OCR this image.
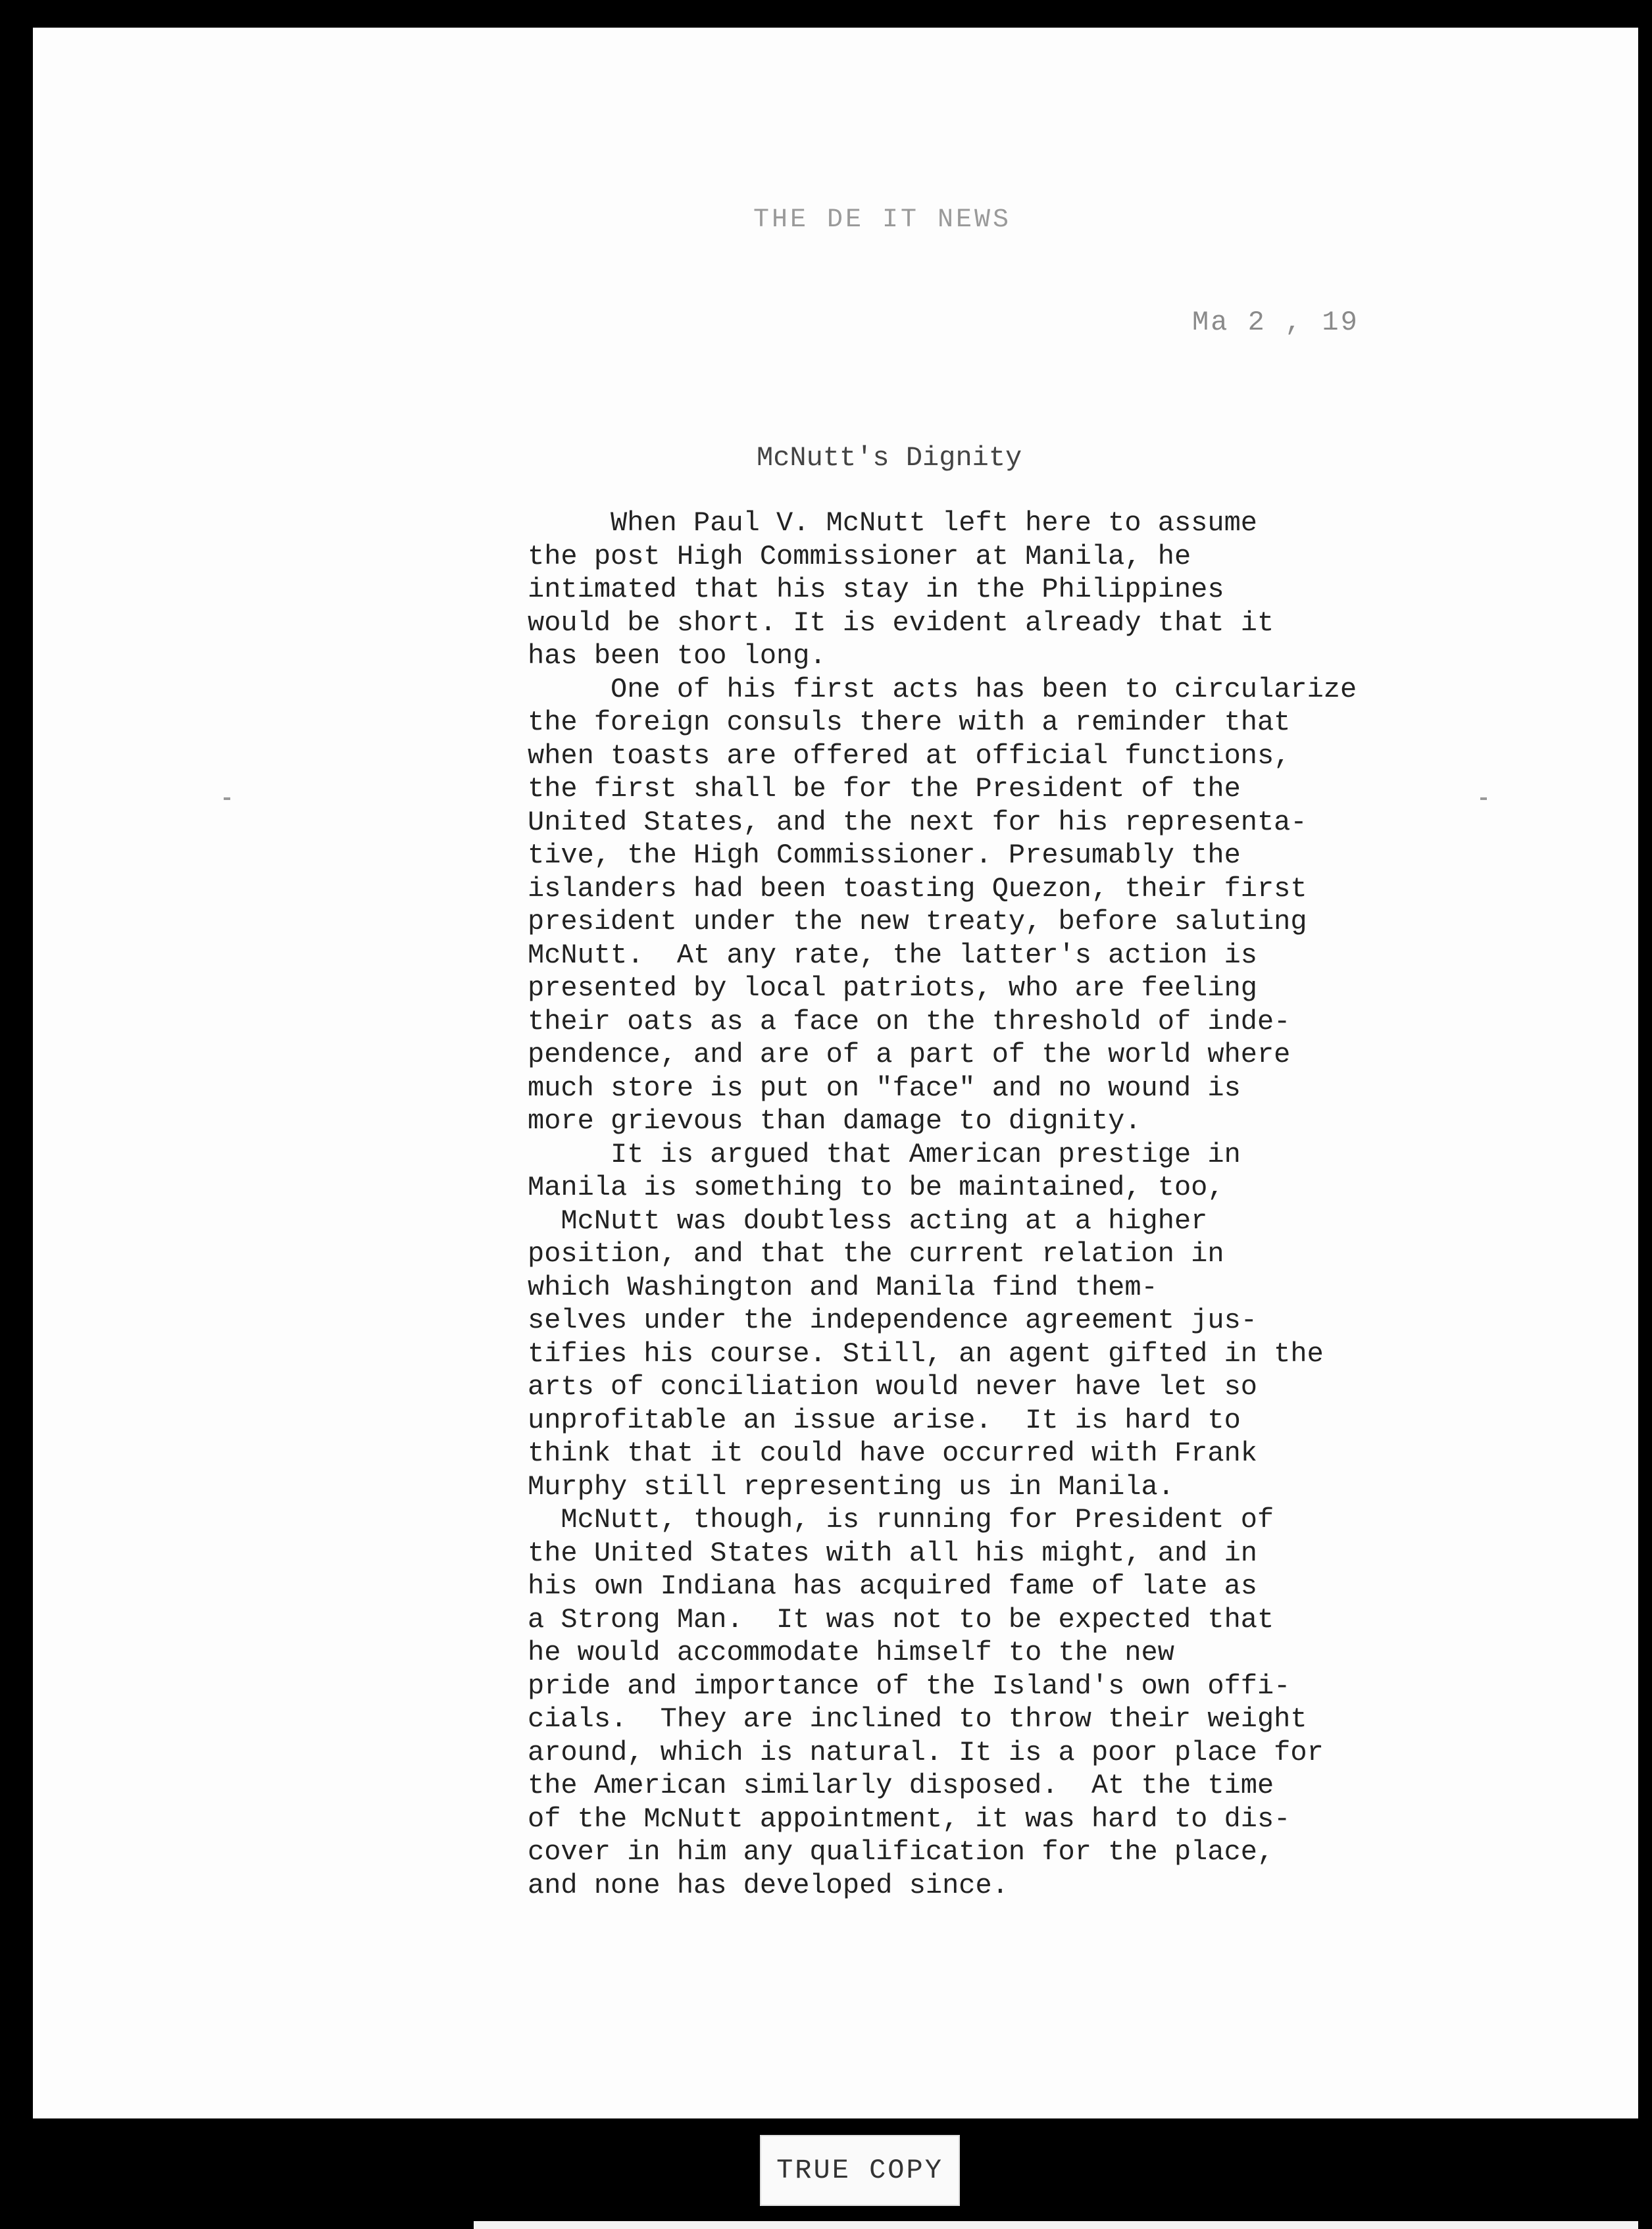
THE DE IT NEWS
Ma 2 , 19
McNutt's Dignity
When Paul V. McNutt left here to assume
the post High Commissioner at Manila, he
intimated that his stay in the Philippines
would be short. It is evident already that it
has been too long.
One of his first acts has been to circularize
the foreign consuls there with a reminder that
when toasts are offered at official functions,
the first shall be for the President of the
United States, and the next for his representa-
tive, the High Commissioner. Presumably the
islanders had been toasting Quezon, their first
president under the new treaty, before saluting
McNutt.  At any rate, the latter's action is
presented by local patriots, who are feeling
their oats as a face on the threshold of inde-
pendence, and are of a part of the world where
much store is put on "face" and no wound is
more grievous than damage to dignity.
It is argued that American prestige in
Manila is something to be maintained, too,
McNutt was doubtless acting at a higher
position, and that the current relation in
which Washington and Manila find them-
selves under the independence agreement jus-
tifies his course. Still, an agent gifted in the
arts of conciliation would never have let so
unprofitable an issue arise.  It is hard to
think that it could have occurred with Frank
Murphy still representing us in Manila.
McNutt, though, is running for President of
the United States with all his might, and in
his own Indiana has acquired fame of late as
a Strong Man.  It was not to be expected that
he would accommodate himself to the new
pride and importance of the Island's own offi-
cials.  They are inclined to throw their weight
around, which is natural. It is a poor place for
the American similarly disposed.  At the time
of the McNutt appointment, it was hard to dis-
cover in him any qualification for the place,
and none has developed since.
TRUE COPY
